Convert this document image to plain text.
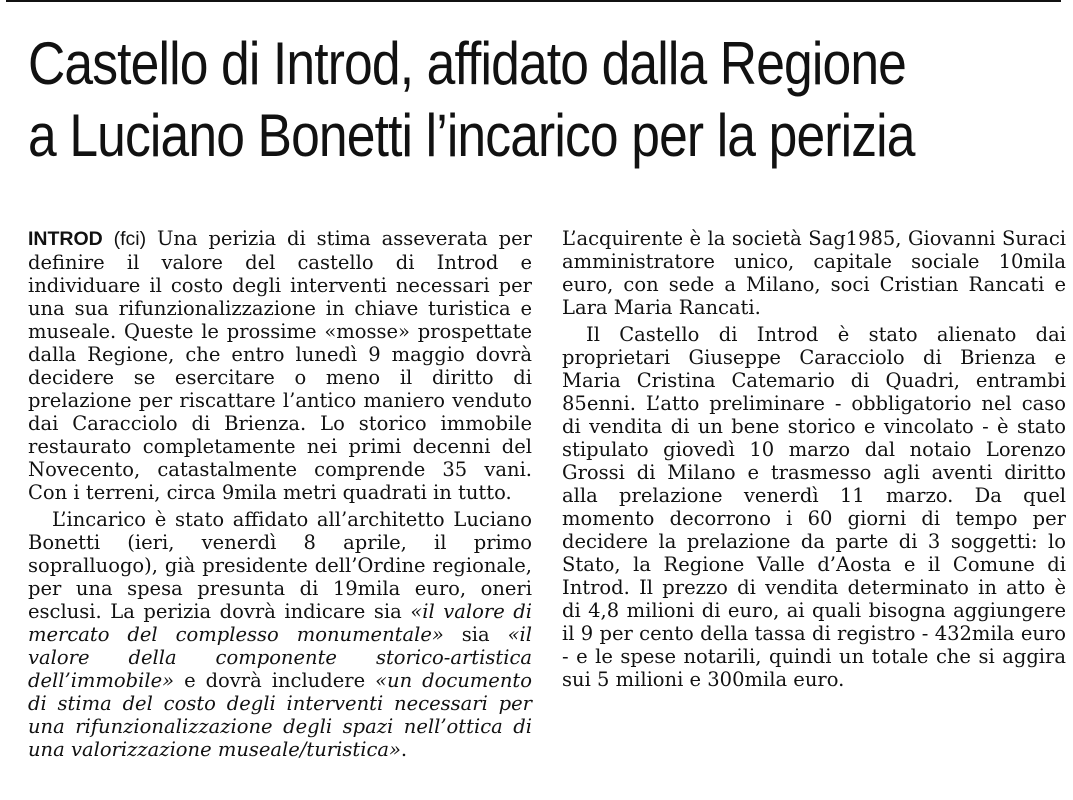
Castello di Introd, affidato dalla Regione
a Luciano Bonetti l’incarico per la perizia

INTROD (fci) Una perizia di stima asseverata per definire il valore del castello di Introd e individuare il costo degli interventi necessari per una sua rifunzionalizzazione in chiave turistica e museale. Queste le prossime «mosse» prospettate dalla Regione, che entro lunedì 9 maggio dovrà decidere se esercitare o meno il diritto di prelazione per riscattare l’antico maniero venduto dai Caracciolo di Brienza. Lo storico immobile restaurato completamente nei primi decenni del Novecento, catastalmente comprende 35 vani. Con i terreni, circa 9mila metri quadrati in tutto.

L’incarico è stato affidato all’architetto Luciano Bonetti (ieri, venerdì 8 aprile, il primo sopralluogo), già presidente dell’Ordine regionale, per una spesa presunta di 19mila euro, oneri esclusi. La perizia dovrà indicare sia «il valore di mercato del complesso monumentale» sia «il valore della componente storico-artistica dell’immobile» e dovrà includere «un documento di stima del costo degli interventi necessari per una rifunzionalizzazione degli spazi nell’ottica di una valorizzazione museale/turistica».

L’acquirente è la società Sag1985, Giovanni Suraci amministratore unico, capitale sociale 10mila euro, con sede a Milano, soci Cristian Rancati e Lara Maria Rancati.

Il Castello di Introd è stato alienato dai proprietari Giuseppe Caracciolo di Brienza e Maria Cristina Catemario di Quadri, entrambi 85enni. L’atto preliminare - obbligatorio nel caso di vendita di un bene storico e vincolato - è stato stipulato giovedì 10 marzo dal notaio Lorenzo Grossi di Milano e trasmesso agli aventi diritto alla prelazione venerdì 11 marzo. Da quel momento decorrono i 60 giorni di tempo per decidere la prelazione da parte di 3 soggetti: lo Stato, la Regione Valle d’Aosta e il Comune di Introd. Il prezzo di vendita determinato in atto è di 4,8 milioni di euro, ai quali bisogna aggiungere il 9 per cento della tassa di registro - 432mila euro - e le spese notarili, quindi un totale che si aggira sui 5 milioni e 300mila euro.
